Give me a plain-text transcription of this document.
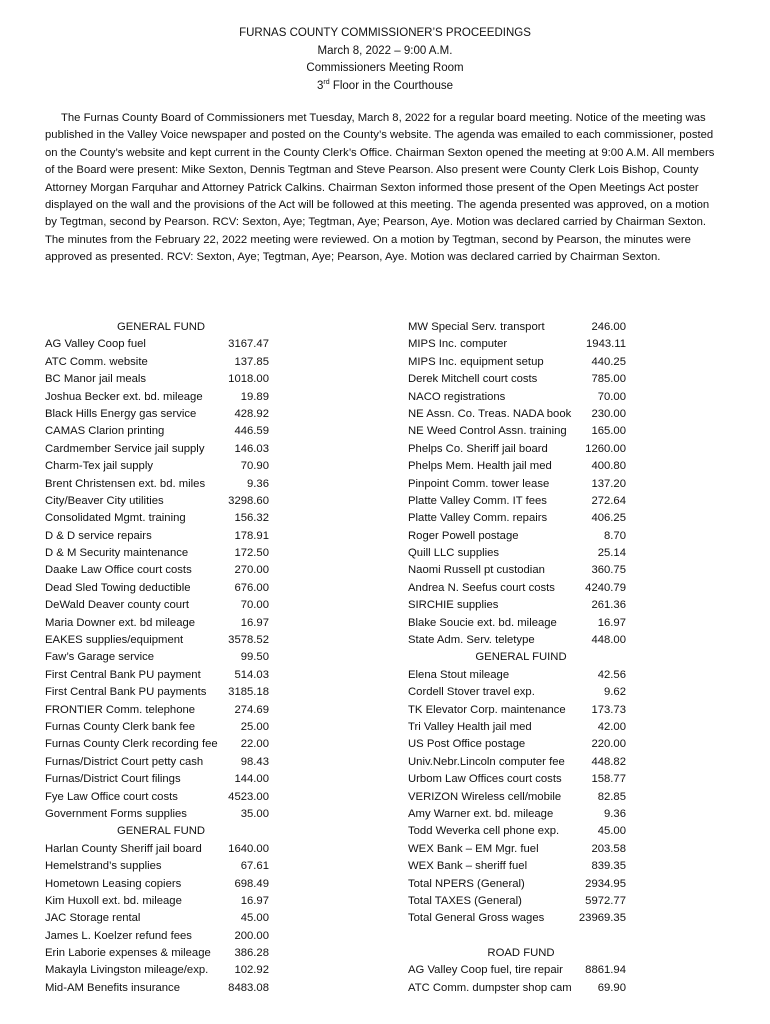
FURNAS COUNTY COMMISSIONER’S PROCEEDINGS
March 8, 2022 – 9:00 A.M.
Commissioners Meeting Room
3rd Floor in the Courthouse
The Furnas County Board of Commissioners met Tuesday, March 8, 2022 for a regular board meeting. Notice of the meeting was published in the Valley Voice newspaper and posted on the County’s website. The agenda was emailed to each commissioner, posted on the County’s website and kept current in the County Clerk’s Office. Chairman Sexton opened the meeting at 9:00 A.M. All members of the Board were present: Mike Sexton, Dennis Tegtman and Steve Pearson. Also present were County Clerk Lois Bishop, County Attorney Morgan Farquhar and Attorney Patrick Calkins. Chairman Sexton informed those present of the Open Meetings Act poster displayed on the wall and the provisions of the Act will be followed at this meeting. The agenda presented was approved, on a motion by Tegtman, second by Pearson. RCV: Sexton, Aye; Tegtman, Aye; Pearson, Aye. Motion was declared carried by Chairman Sexton. The minutes from the February 22, 2022 meeting were reviewed. On a motion by Tegtman, second by Pearson, the minutes were approved as presented. RCV: Sexton, Aye; Tegtman, Aye; Pearson, Aye. Motion was declared carried by Chairman Sexton.
GENERAL FUND
AG Valley Coop fuel	3167.47
ATC Comm. website	137.85
BC Manor jail meals	1018.00
Joshua Becker ext. bd. mileage	19.89
Black Hills Energy gas service	428.92
CAMAS Clarion printing	446.59
Cardmember Service jail supply	146.03
Charm-Tex jail supply	70.90
Brent Christensen ext. bd. miles	9.36
City/Beaver City utilities	3298.60
Consolidated Mgmt. training	156.32
D & D service repairs	178.91
D & M Security maintenance	172.50
Daake Law Office court costs	270.00
Dead Sled Towing deductible	676.00
DeWald Deaver county court	70.00
Maria Downer ext. bd mileage	16.97
EAKES supplies/equipment	3578.52
Faw’s Garage service	99.50
First Central Bank PU payment	514.03
First Central Bank PU payments 3185.18
FRONTIER Comm. telephone	274.69
Furnas County Clerk bank fee	25.00
Furnas County Clerk recording fee 22.00
Furnas/District Court petty cash	98.43
Furnas/District Court filings	144.00
Fye Law Office court costs	4523.00
Government Forms supplies	35.00
GENERAL FUND
Harlan County Sheriff jail board 1640.00
Hemelstrand’s supplies	67.61
Hometown Leasing copiers	698.49
Kim Huxoll ext. bd. mileage	16.97
JAC Storage rental	45.00
James L. Koelzer refund fees	200.00
Erin Laborie expenses & mileage 386.28
Makayla Livingston mileage/exp. 102.92
Mid-AM Benefits insurance	8483.08
MW Special Serv. transport	246.00
MIPS Inc. computer	1943.11
MIPS Inc. equipment setup	440.25
Derek Mitchell court costs	785.00
NACO registrations	70.00
NE Assn. Co. Treas. NADA book 230.00
NE Weed Control Assn. training 165.00
Phelps Co. Sheriff jail board	1260.00
Phelps Mem. Health jail med	400.80
Pinpoint Comm. tower lease	137.20
Platte Valley Comm. IT fees	272.64
Platte Valley Comm. repairs	406.25
Roger Powell postage	8.70
Quill LLC supplies	25.14
Naomi Russell pt custodian	360.75
Andrea N. Seefus court costs	4240.79
SIRCHIE supplies	261.36
Blake Soucie ext. bd. mileage	16.97
State Adm. Serv. teletype	448.00
GENERAL FUIND
Elena Stout mileage	42.56
Cordell Stover travel exp.	9.62
TK Elevator Corp. maintenance 173.73
Tri Valley Health jail med	42.00
US Post Office postage	220.00
Univ.Nebr.Lincoln computer fee 448.82
Urbom Law Offices court costs	158.77
VERIZON Wireless cell/mobile	82.85
Amy Warner ext. bd. mileage	9.36
Todd Weverka cell phone exp.	45.00
WEX Bank – EM Mgr. fuel	203.58
WEX Bank – sheriff fuel	839.35
Total NPERS (General)	2934.95
Total TAXES (General)	5972.77
Total General Gross wages	23969.35
ROAD FUND
AG Valley Coop fuel, tire repair 8861.94
ATC Comm. dumpster shop cam 69.90
